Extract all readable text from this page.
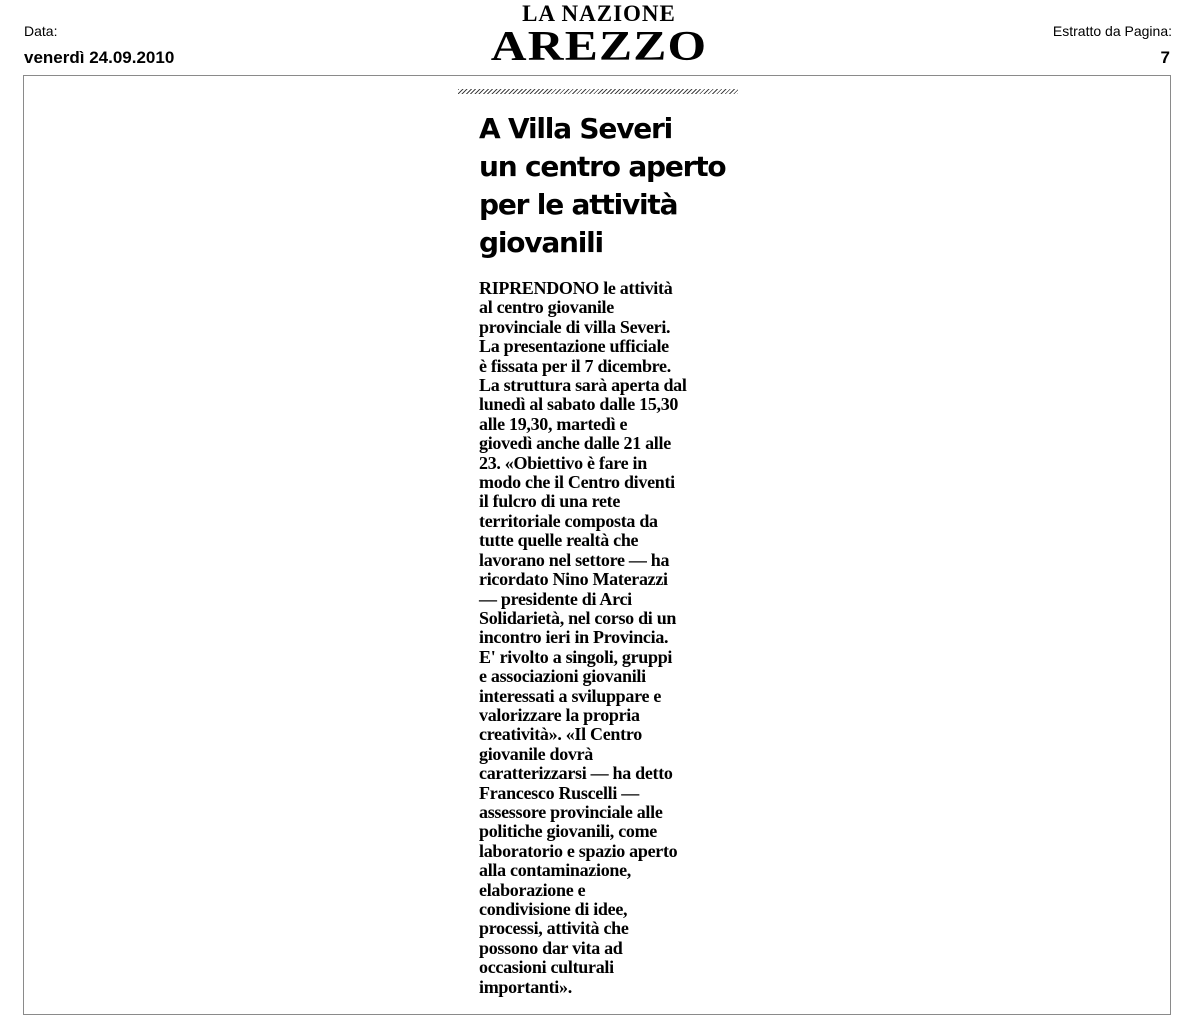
Data:
venerdì 24.09.2010
LA NAZIONE
AREZZO	Estratto da Pagina:
7
A Villa Severi
un centro aperto
per le attività
giovanili
RIPRENDONO le attività
al centro giovanile
provinciale di villa Severi.
La presentazione ufficiale
è fissata per il 7 dicembre.
La struttura sarà aperta dal
lunedì al sabato dalle 15,30
alle 19,30, martedì e
giovedì anche dalle 21 alle
23. «Obiettivo è fare in
modo che il Centro diventi
il fulcro di una rete
territoriale composta da
tutte quelle realtà che
lavorano nel settore — ha
ricordato Nino Materazzi
— presidente di Arci
Solidarietà, nel corso di un
incontro ieri in Provincia.
E' rivolto a singoli, gruppi
e associazioni giovanili
interessati a sviluppare e
valorizzare la propria
creatività». «Il Centro
giovanile dovrà
caratterizzarsi — ha detto
Francesco Ruscelli —
assessore provinciale alle
politiche giovanili, come
laboratorio e spazio aperto
alla contaminazione,
elaborazione e
condivisione di idee,
processi, attività che
possono dar vita ad
occasioni culturali
importanti».
